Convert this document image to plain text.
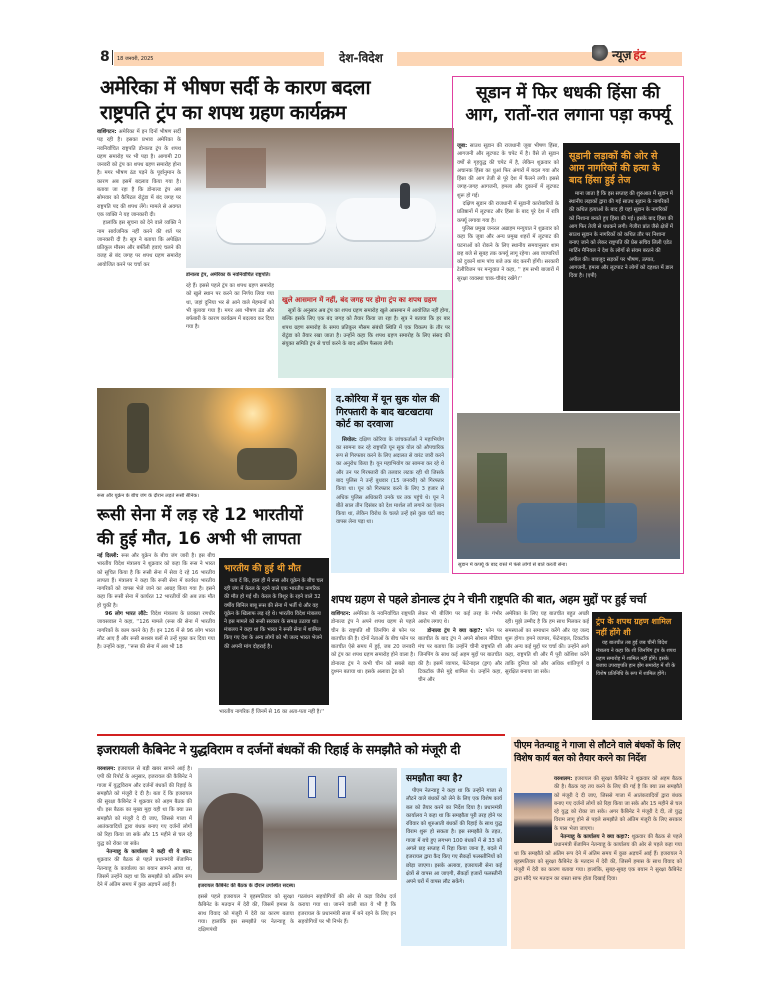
8 18 जनवरी, 2025	देश-विदेश	न्यूज़ हंट
अमेरिका में भीषण सर्दी के कारण बदला
राष्ट्रपति ट्रंप का शपथ ग्रहण कार्यक्रम
वाशिंगटन: अमेरिका में इन दिनों भीषण सर्दी पड़ रही है। इसका प्रभाव अमेरिका के नवनिर्वाचित राष्ट्रपति डोनाल्ड ट्रंप के शपथ ग्रहण समारोह पर भी पड़ा है। आगामी 20 जनवरी को ट्रंप का शपथ ग्रहण समारोह होना है। मगर भीषण ठंड पड़ने के पूर्वानुमान के कारण अब इसमें बदलाव किया गया है। बताया जा रहा है कि डोनाल्ड ट्रंप अब सोमवार को कैपिटल रोटुंडा में बंद जगह पर राष्ट्रपति पद की शपथ लेंगे। मामले से अवगत एक व्यक्ति ने यह जानकारी दी।
हालांकि इस सूचना को देने वाले व्यक्ति ने नाम सार्वजनिक नहीं करने की शर्त पर जानकारी दी है। सूत्र ने बताया कि अपेक्षित प्रतिकूल मौसम और बर्फीली हवाएं चलने की वजह से बंद जगह पर शपथ ग्रहण समारोह आयोजित करने पर चर्चा कर
डोनाल्ड ट्रंप, अमेरिका के नवनिर्वाचित राष्ट्रपति।
रहे हैं। इससे पहले ट्रंप का शपथ ग्रहण समारोह को खुले स्थान पर करने का निर्णय लिया गया था, जहां दुनिया भर से आने वाले मेहमानों को भी बुलाया गया है। मगर अब भीषण ठंड और बर्फबारी के कारण कार्यक्रम में बदलाव कर दिया गया है।
खुले आसमान में नहीं, बंद जगह पर होगा ट्रंप का शपथ ग्रहण
सूत्रों के अनुसार अब ट्रंप का शपथ ग्रहण समारोह खुले आसमान में आयोजित नहीं होगा, बल्कि इसके लिए एक बंद जगह को तैयार किया जा रहा है। सूत्र ने बताया कि हर बार शपथ ग्रहण समारोह के समय प्रतिकूल मौसम संबंधी स्थिति में एक विकल्प के तौर पर रोटुंडा को तैयार रखा जाता है। उन्होंने कहा कि शपथ ग्रहण समारोह के लिए संसद की संयुक्त समिति ट्रंप से चर्चा करने के बाद अंतिम फैसला लेगी।
सूडान में फिर धधकी हिंसा की
आग, रातों-रात लगाना पड़ा कर्फ्यू
जूबा: साउथ सूडान की राजधानी जूबा भीषण हिंसा, आगजनी और लूटपाट के चपेट में है। वैसे तो सूडान वर्षों से गृहयुद्ध की चपेट में है, लेकिन शुक्रवार को अचानक हिंसा का धुआं फिर अंगारों में बदल गया और हिंसा की आग तेजी से पूरे देश में फैलने लगी। इससे जगह-जगह आगजनी, हमला और दुकानों में लूटपाट शुरू हो गई।
दक्षिण सूडान की राजधानी में सूडानी कारोबारियों के प्रतिष्ठानों में लूटपाट और हिंसा के बाद पूरे देश में रात्रि कर्फ्यू लगाया गया है।
पुलिस प्रमुख जनरल अब्राहम मन्युयात ने शुक्रवार को कहा कि जूबा और अन्य प्रमुख शहरों में लूटपाट की घटनाओं को रोकने के लिए स्थानीय समयानुसार शाम छह बजे से सुबह तक कर्फ्यू लागू रहेगा। अब व्यापारियों को दुकानें शाम पांच बजे तक बंद करनी होंगी। सरकारी टेलीविजन पर मन्युयात ने कहा, '' हम सभी बाजारों में सुरक्षा व्यवस्था चाक-चौबंद रखेंगे।''
सूडानी लड़ाकों की ओर से आम नागरिकों की हत्या के बाद हिंसा हुई तेज
माना जाता है कि इस सप्ताह की शुरुआत में सूडान में स्थानीय लड़ाकों द्वारा की गई साउथ सूडान के नागरिकों की कथित हत्याओं के बाद ही यहां सूडान के नागरिकों को निशाना बनाते हुए हिंसा की गई। इसके बाद हिंसा की आग फिर तेजी से धधकने लगी। गेजीरा प्रांत जैसे क्षेत्रों में साउथ सूडान के नागरिकों को कथित तौर पर निशाना बनाए जाने को लेकर राष्ट्रपति की प्रेस सचिव लिली एडेउ मार्टिन मैनियल ने देश के लोगों से संयम बरतने की अपील की। बावजूद सड़कों पर भीषण, उत्पात, आगजनी, हमला और लूटपाट ने लोगों को दहशत में डाल दिया है। (एपी)
सूडान में कर्फ्यू के बाद रास्ते में फंसे लोगों से बातें करती सेना।
रूस और यूक्रेन के बीच जंग के दौरान लड़ते रूसी सैनिक।
रूसी सेना में लड़ रहे 12 भारतीयों
की हुई मौत, 16 अभी भी लापता
नई दिल्ली: रूस और यूक्रेन के बीच जंग जारी है। इस बीच भारतीय विदेश मंत्रालय ने शुक्रवार को कहा कि रूस ने भारत को सूचित किया है कि रूसी सेना में सेवा दे रहे 16 भारतीय लापता हैं। मंत्रालय ने कहा कि रूसी सेना में कार्यरत भारतीय नागरिकों को वापस भेजे जाने का आग्रह किया गया है। इसने कहा कि रूसी सेना में कार्यरत 12 भारतीयों की अब तक मौत हो चुकी है।
96 लोग भारत लौटे: विदेश मंत्रालय के प्रवक्ता रणधीर जायसवाल ने कहा, ''126 मामले (रूस की सेना में भारतीय नागरिकों के काम करने के) हैं। इन 126 में से 96 लोग भारत लौट आए हैं और रूसी सशस्त्र बलों से उन्हें मुक्त कर दिया गया है। उन्होंने कहा, ''रूस की सेना में अब भी 18
भारतीय की हुई थी मौत
बता दें कि, हाल ही में रूस और यूक्रेन के बीच चल रही जंग में केरल के रहने वाले एक भारतीय नागरिक की मौत हो गई थी। केरल के त्रिशूर के रहने वाले 32 वर्षीय बिनिल बाबू रूस की सेना में भर्ती थे और वह यूक्रेन के खिलाफ लड़ रहे थे। भारतीय विदेश मंत्रालय ने इस मामले को रूसी सरकार के समक्ष उठाया था। मंत्रालय ने कहा था कि भारत ने रूसी सेना में शामिल किए गए देश के अन्य लोगों को भी जल्द भारत भेजने की अपनी मांग दोहराई है।
भारतीय नागरिक हैं जिनमें से 16 का अता-पता नहीं है।''
द.कोरिया में यून सुक योल की गिरफ्तारी के बाद खटखटाया कोर्ट का दरवाजा
सियोल: दक्षिण कोरिया के जांचकर्ताओं ने महाभियोग का सामना कर रहे राष्ट्रपति यून सुक योल को औपचारिक रूप से गिरफ्तार करने के लिए अदालत से वारंट जारी करने का अनुरोध किया है। यून महाभियोग का सामना कर रहे थे और उन पर गिरफ्तारी की तलवार लटक रही थी जिसके बाद पुलिस ने उन्हें बुधवार (15 जनवरी) को गिरफ्तार किया था। यून को गिरफ्तार करने के लिए 3 हजार से अधिक पुलिस अधिकारी उनके घर तक पहुंचे थे। यून ने बीते साल तीन दिसंबर को देश मार्शल लॉ लगाने का ऐलान किया था, लेकिन विरोध के चलते उन्हें इसे कुछ घंटों बाद वापस लेना पड़ा था।
शपथ ग्रहण से पहले डोनाल्ड ट्रंप ने चीनी राष्ट्रपति की बात, अहम मुद्दों पर हुई चर्चा
वाशिंगटन: अमेरिका के नवनिर्वाचित राष्ट्रपति डोनाल्ड ट्रंप ने अपने शपथ ग्रहण से पहले चीन के राष्ट्रपति शी जिनपिंग से फोन पर बातचीत की है। दोनों नेताओं के बीच फोन पर बातचीत ऐसे समय में हुई, जब 20 जनवरी को ट्रंप का शपथ ग्रहण समारोह होने वाला है। डोनाल्ड ट्रंप ने कभी चीन को सबसे बड़ा दुश्मन बताया था। इसके अलावा ट्रेड को
लेकर भी बीजिंग पर कई तरह के गंभीर आरोप लगाए थे।
डोनाल्ड ट्रंप ने क्या कहा?: फोन पर बातचीत के बाद ट्रंप ने अपने सोशल मीडिया मंच पर बताया कि उन्होंने चीनी राष्ट्रपति शी जिनपिंग के साथ कई अहम मुद्दों पर बातचीत की है। इसमें व्यापार, फेंटेनाइल (ड्रग) और टिकटॉक जैसे मुद्दे शामिल थे। उन्होंने कहा, चीन और
अमेरिका के लिए यह बातचीत बहुत अच्छी रही। मुझे उम्मीद है कि हम साथ मिलकर कई समस्याओं का समाधान करेंगे और यह जल्द शुरू होगा। हमने व्यापार, फेंटेनाइल, टिकटॉक और अन्य कई मुद्दों पर चर्चा की। उन्होंने आगे कहा, राष्ट्रपति शी और मैं पूरी कोशिश करेंगे ताकि दुनिया को और अधिक शांतिपूर्ण व सुरक्षित बनाया जा सके।
ट्रंप के शपथ ग्रहण शामिल नहीं होंगे शी
यह बातचीत तब हुई जब चीनी विदेश मंत्रालय ने कहा कि शी जिनपिंग ट्रंप के शपथ ग्रहण समारोह में शामिल नहीं होंगे। इसके बजाय उपराष्ट्रपति हान झेंग समारोह में शी के विशेष प्रतिनिधि के रूप में शामिल होंगे।
इजरायली कैबिनेट ने युद्धविराम व दर्जनों बंधकों की रिहाई के समझौते को मंजूरी दी
यरुशलम: इजरायल से बड़ी खबर सामने आई है। एपी की रिपोर्ट के अनुसार, इजरायल की कैबिनेट ने गाजा में युद्धविराम और दर्जनों बंधकों की रिहाई के समझौते को मंजूरी दे दी है। बता दें कि इजरायल की सुरक्षा कैबिनेट ने शुक्रवार को अहम बैठक की थी। इस बैठक का मुख्य मुद्दा यही था कि क्या उस समझौते को मंजूरी दे दी जाए, जिससे गाजा में आतंकवादियों द्वारा बंधक बनाए गए दर्जनों लोगों को रिहा किया जा सके और 15 महीने से चल रहे युद्ध को रोका जा सके।
नेतन्याहू के कार्यालय ने कही थी ये बात: शुक्रवार की बैठक से पहले प्रधानमंत्री बेंजामिन नेतन्याहू के कार्यालय का बयान सामने आया था, जिसमें उन्होंने कहा था कि समझौते को अंतिम रूप देने में अंतिम समय में कुछ अड़चनें आई हैं।	इजरायल कैबिनेट की बैठक के दौरान उपस्थित सदस्य।
इससे पहले इजरायल ने बृहस्पतिवार को सुरक्षा कैबिनेट के मतदान में देरी की, जिसमें हमास के साथ विवाद को मंजूरी में देरी का कारण बताया गया। हालांकि इस समझौते पर नेतन्याहू के दक्षिणपंथी
गठबंधन सहयोगियों की ओर से कड़ा विरोध दर्ज कराया गया था। जानने वाली बात ये भी है कि इजरायल के प्रधानमंत्री सत्ता में बने रहने के लिए इन सहयोगियों पर भी निर्भर हैं।
समझौता क्या है?
पीएम नेतन्याहू ने कहा था कि उन्होंने गाजा से लौटने वाले बंधकों को लेने के लिए एक विशेष कार्य बल को तैयार करने का निर्देश दिया है। प्रधानमंत्री कार्यालय ने कहा था कि समझौता पूरी तरह होने पर रविवार को शुरुआती बंधकों की रिहाई के साथ युद्ध विराम शुरू हो सकता है। इस समझौते के तहत, गाजा में बचे हुए लगभग 100 बंधकों में से 33 को अगले छह सप्ताह में रिहा किया जाना है, बदले में इजरायल द्वारा कैद किए गए सैकड़ों फलस्तीनियों को छोड़ा जाएगा। इसके अलावा, इजरायली सेना कई क्षेत्रों से वापस आ जाएगी, सैकड़ों हजारों फलस्तीनी अपने घरों में वापस लौट सकेंगे।
पीएम नेतन्याहू ने गाजा से लौटने वाले बंधकों के लिए विशेष कार्य बल को तैयार करने का निर्देश
यरुशलम: इजरायल की सुरक्षा कैबिनेट ने शुक्रवार को अहम बैठक की है। बैठक यह तय करने के लिए की गई है कि क्या उस समझौते को मंजूरी दे दी जाए, जिससे गाजा में आतंकवादियों द्वारा बंधक बनाए गए दर्जनों लोगों को रिहा किया जा सके और 15 महीने से चल रहे युद्ध को रोका जा सके। अगर कैबिनेट ने मंजूरी दे दी, तो युद्ध विराम लागू होने से पहले समझौते को अंतिम मंजूरी के लिए सरकार के पास भेजा जाएगा।
नेतन्याहू के कार्यालय ने क्या कहा?: शुक्रवार की बैठक से पहले प्रधानमंत्री बेंजामिन नेतन्याहू के कार्यालय की ओर से पहले कहा गया था कि समझौते को अंतिम रूप देने में अंतिम समय में कुछ अड़चनें आई हैं। इजरायल ने बृहस्पतिवार को सुरक्षा कैबिनेट के मतदान में देरी की, जिसमें हमास के साथ विवाद को मंजूरी में देरी का कारण बताया गया। हालांकि, सुबह-सुबह एक बयान ने सुरक्षा कैबिनेट द्वारा सौदे पर मतदान का रास्ता साफ होता दिखाई दिया।
